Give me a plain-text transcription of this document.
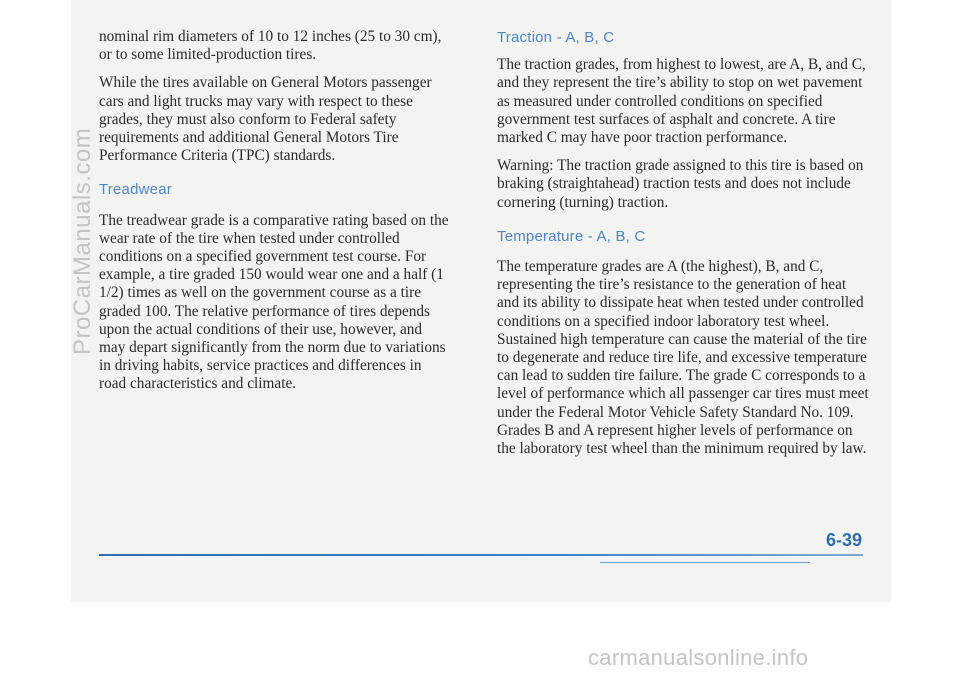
nominal rim diameters of 10 to 12 inches (25 to 30 cm), or to some limited-production tires.

While the tires available on General Motors passenger cars and light trucks may vary with respect to these grades, they must also conform to Federal safety requirements and additional General Motors Tire Performance Criteria (TPC) standards.

Treadwear

The treadwear grade is a comparative rating based on the wear rate of the tire when tested under controlled conditions on a specified government test course. For example, a tire graded 150 would wear one and a half (1 1/2) times as well on the government course as a tire graded 100. The relative performance of tires depends upon the actual conditions of their use, however, and may depart significantly from the norm due to variations in driving habits, service practices and differences in road characteristics and climate.

Traction - A, B, C

The traction grades, from highest to lowest, are A, B, and C, and they represent the tire’s ability to stop on wet pavement as measured under controlled conditions on specified government test surfaces of asphalt and concrete. A tire marked C may have poor traction performance.

Warning: The traction grade assigned to this tire is based on braking (straightahead) traction tests and does not include cornering (turning) traction.

Temperature - A, B, C

The temperature grades are A (the highest), B, and C, representing the tire’s resistance to the generation of heat and its ability to dissipate heat when tested under controlled conditions on a specified indoor laboratory test wheel. Sustained high temperature can cause the material of the tire to degenerate and reduce tire life, and excessive temperature can lead to sudden tire failure. The grade C corresponds to a level of performance which all passenger car tires must meet under the Federal Motor Vehicle Safety Standard No. 109. Grades B and A represent higher levels of performance on the laboratory test wheel than the minimum required by law.

6-39
ProCarManuals.com
carmanualsonline.info
